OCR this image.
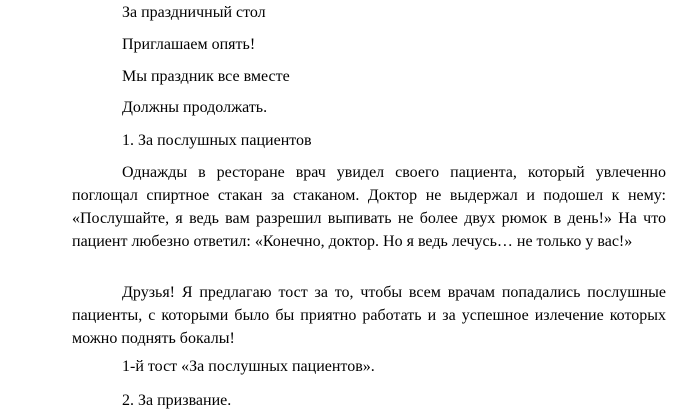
За праздничный стол
Приглашаем опять!
Мы праздник все вместе
Должны продолжать.
1. За послушных пациентов

Однажды в ресторане врач увидел своего пациента, который увлеченно поглощал спиртное стакан за стаканом. Доктор не выдержал и подошел к нему: «Послушайте, я ведь вам разрешил выпивать не более двух рюмок в день!» На что пациент любезно ответил: «Конечно, доктор. Но я ведь лечусь… не только у вас!»

Друзья! Я предлагаю тост за то, чтобы всем врачам попадались послушные пациенты, с которыми было бы приятно работать и за успешное излечение которых можно поднять бокалы!

1-й тост «За послушных пациентов».
2. За призвание.
